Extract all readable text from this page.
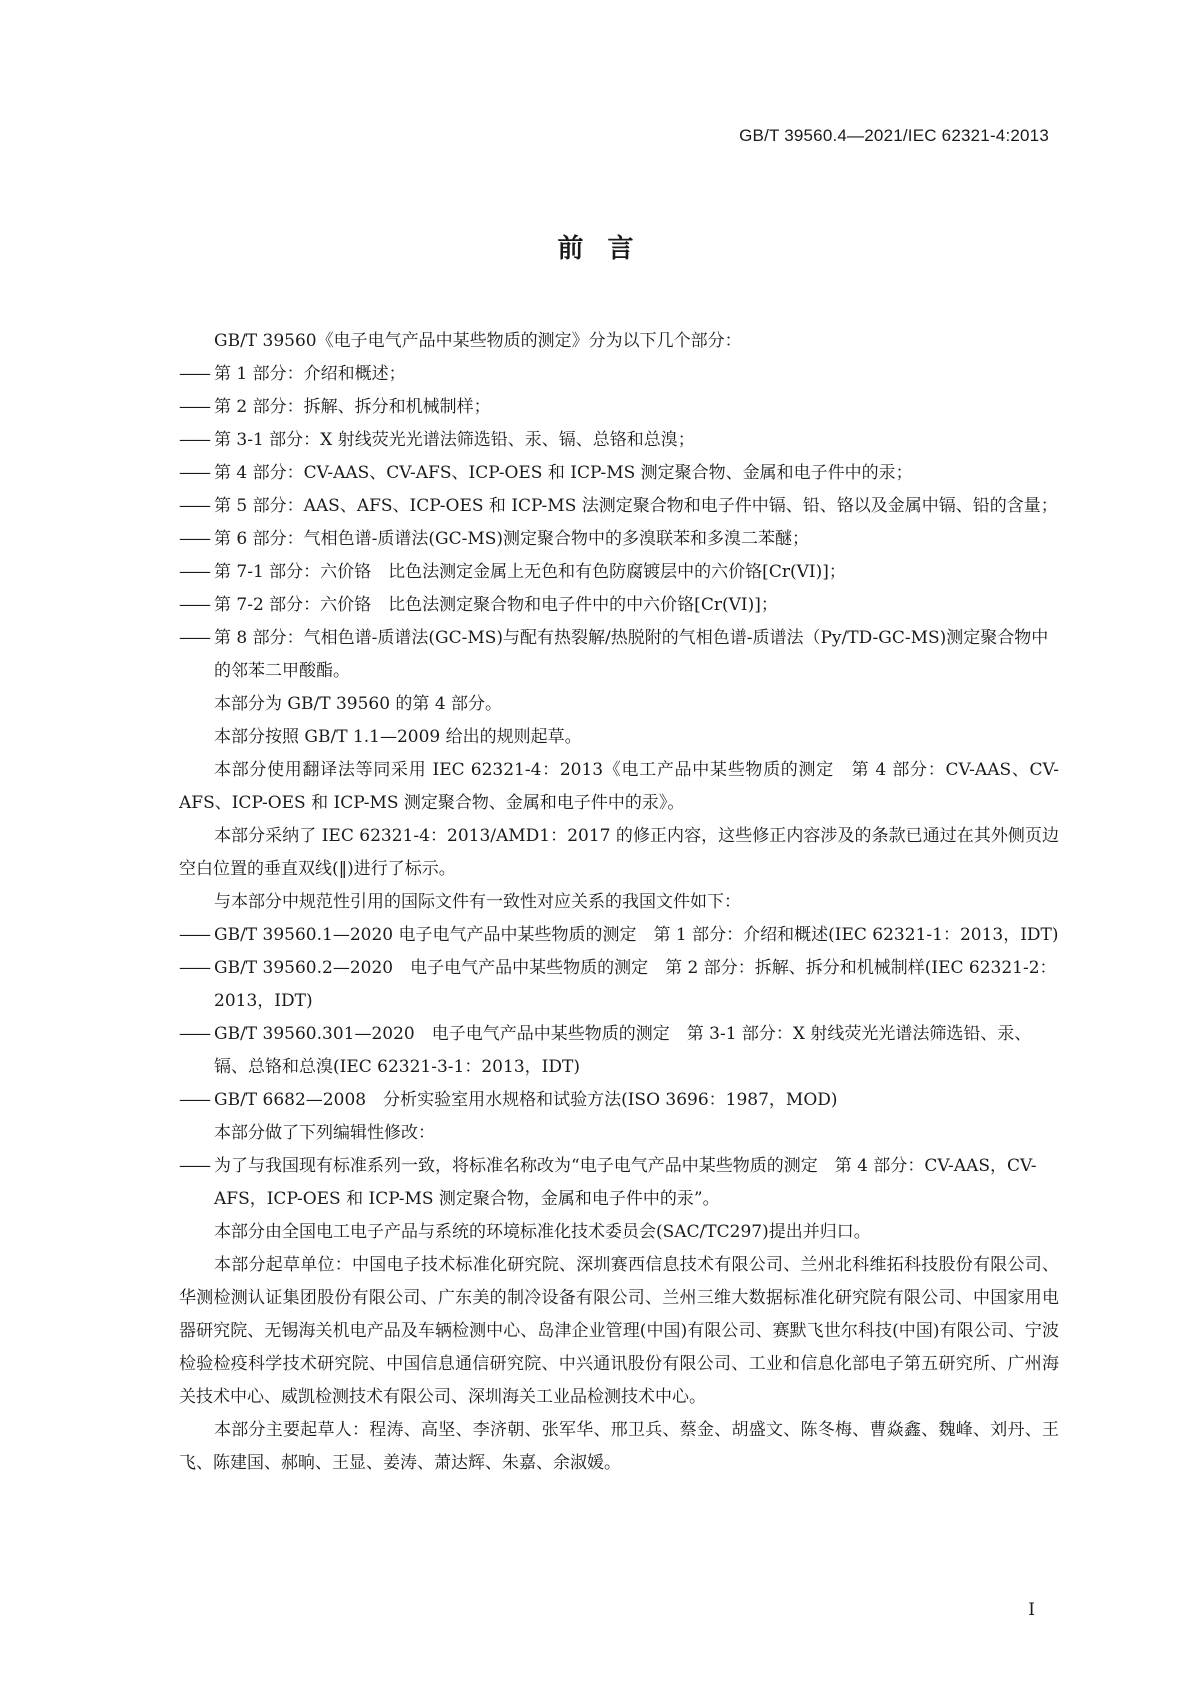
GB/T 39560.4—2021/IEC 62321-4:2013
前言

GB/T 39560《电子电气产品中某些物质的测定》分为以下几个部分：

——
第 1 部分：介绍和概述；
——
第 2 部分：拆解、拆分和机械制样；
——
第 3-1 部分：X 射线荧光光谱法筛选铅、汞、镉、总铬和总溴；
——
第 4 部分：CV-AAS、CV-AFS、ICP-OES 和 ICP-MS 测定聚合物、金属和电子件中的汞；
——
第 5 部分：AAS、AFS、ICP-OES 和 ICP-MS 法测定聚合物和电子件中镉、铅、铬以及金属中镉、铅的含量；
——
第 6 部分：气相色谱-质谱法(GC-MS)测定聚合物中的多溴联苯和多溴二苯醚；
——
第 7-1 部分：六价铬　比色法测定金属上无色和有色防腐镀层中的六价铬[Cr(VI)]；
——
第 7-2 部分：六价铬　比色法测定聚合物和电子件中的中六价铬[Cr(VI)]；
——
第 8 部分：气相色谱-质谱法(GC-MS)与配有热裂解/热脱附的气相色谱-质谱法（Py/TD-GC-MS)测定聚合物中的邻苯二甲酸酯。

本部分为 GB/T 39560 的第 4 部分。

本部分按照 GB/T 1.1—2009 给出的规则起草。

本部分使用翻译法等同采用 IEC 62321-4：2013《电工产品中某些物质的测定　第 4 部分：CV-AAS、CV-AFS、ICP-OES 和 ICP-MS 测定聚合物、金属和电子件中的汞》。

本部分采纳了 IEC 62321-4：2013/AMD1：2017 的修正内容，这些修正内容涉及的条款已通过在其外侧页边空白位置的垂直双线(‖)进行了标示。

与本部分中规范性引用的国际文件有一致性对应关系的我国文件如下：

——
GB/T 39560.1—2020 电子电气产品中某些物质的测定　第 1 部分：介绍和概述(IEC 62321-1：2013，IDT)
——
GB/T 39560.2—2020　电子电气产品中某些物质的测定　第 2 部分：拆解、拆分和机械制样(IEC 62321-2：2013，IDT)
——
GB/T 39560.301—2020　电子电气产品中某些物质的测定　第 3-1 部分：X 射线荧光光谱法筛选铅、汞、镉、总铬和总溴(IEC 62321-3-1：2013，IDT)
——
GB/T 6682—2008　分析实验室用水规格和试验方法(ISO 3696：1987，MOD)

本部分做了下列编辑性修改：

——
为了与我国现有标准系列一致，将标准名称改为“电子电气产品中某些物质的测定　第 4 部分：CV-AAS，CV-AFS，ICP-OES 和 ICP-MS 测定聚合物，金属和电子件中的汞”。

本部分由全国电工电子产品与系统的环境标准化技术委员会(SAC/TC297)提出并归口。

本部分起草单位：中国电子技术标准化研究院、深圳赛西信息技术有限公司、兰州北科维拓科技股份有限公司、华测检测认证集团股份有限公司、广东美的制冷设备有限公司、兰州三维大数据标准化研究院有限公司、中国家用电器研究院、无锡海关机电产品及车辆检测中心、岛津企业管理(中国)有限公司、赛默飞世尔科技(中国)有限公司、宁波检验检疫科学技术研究院、中国信息通信研究院、中兴通讯股份有限公司、工业和信息化部电子第五研究所、广州海关技术中心、威凯检测技术有限公司、深圳海关工业品检测技术中心。

本部分主要起草人：程涛、高坚、李济朝、张军华、邢卫兵、蔡金、胡盛文、陈冬梅、曹焱鑫、魏峰、刘丹、王飞、陈建国、郝晌、王显、姜涛、萧达辉、朱嘉、余淑媛。

I
